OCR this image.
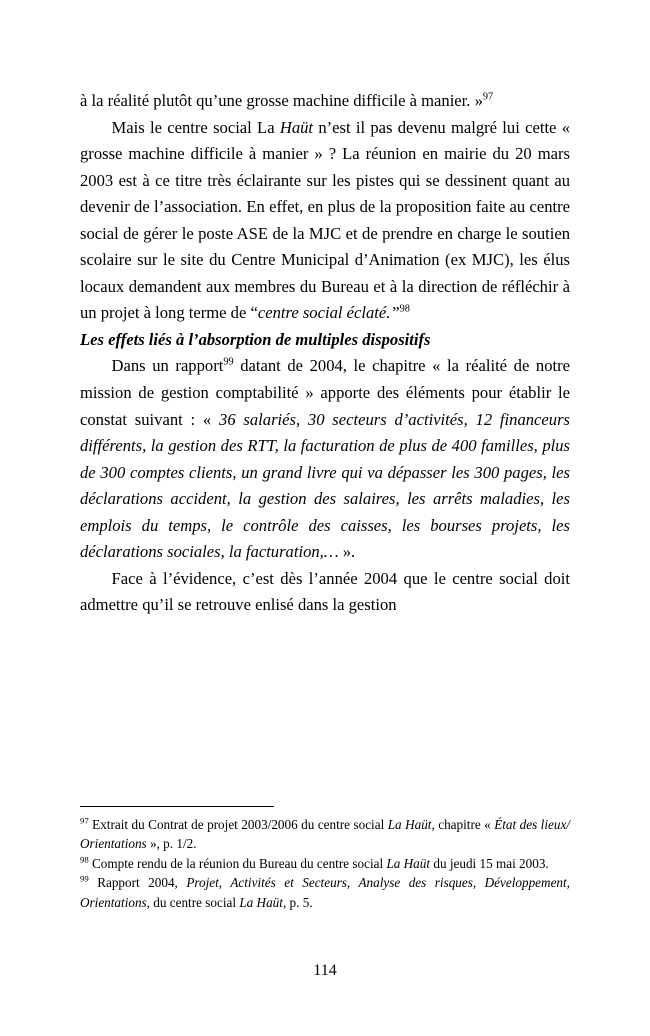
à la réalité plutôt qu’une grosse machine difficile à manier. »$^{97}$

Mais le centre social La Haüt n’est il pas devenu malgré lui cette « grosse machine difficile à manier » ? La réunion en mairie du 20 mars 2003 est à ce titre très éclairante sur les pistes qui se dessinent quant au devenir de l’association. En effet, en plus de la proposition faite au centre social de gérer le poste ASE de la MJC et de prendre en charge le soutien scolaire sur le site du Centre Municipal d’Animation (ex MJC), les élus locaux demandent aux membres du Bureau et à la direction de réfléchir à un projet à long terme de “centre social éclaté.”$^{98}$

Les effets liés à l’absorption de multiples dispositifs

Dans un rapport$^{99}$ datant de 2004, le chapitre « la réalité de notre mission de gestion comptabilité » apporte des éléments pour établir le constat suivant : « 36 salariés, 30 secteurs d’activités, 12 financeurs différents, la gestion des RTT, la facturation de plus de 400 familles, plus de 300 comptes clients, un grand livre qui va dépasser les 300 pages, les déclarations accident, la gestion des salaires, les arrêts maladies, les emplois du temps, le contrôle des caisses, les bourses projets, les déclarations sociales, la facturation,… ».

Face à l’évidence, c’est dès l’année 2004 que le centre social doit admettre qu’il se retrouve enlisé dans la gestion

$^{97}$ Extrait du Contrat de projet 2003/2006 du centre social La Haüt, chapitre « État des lieux/ Orientations », p. 1/2.

$^{98}$ Compte rendu de la réunion du Bureau du centre social La Haüt du jeudi 15 mai 2003.

$^{99}$ Rapport 2004, Projet, Activités et Secteurs, Analyse des risques, Développement, Orientations, du centre social La Haüt, p. 5.

114
